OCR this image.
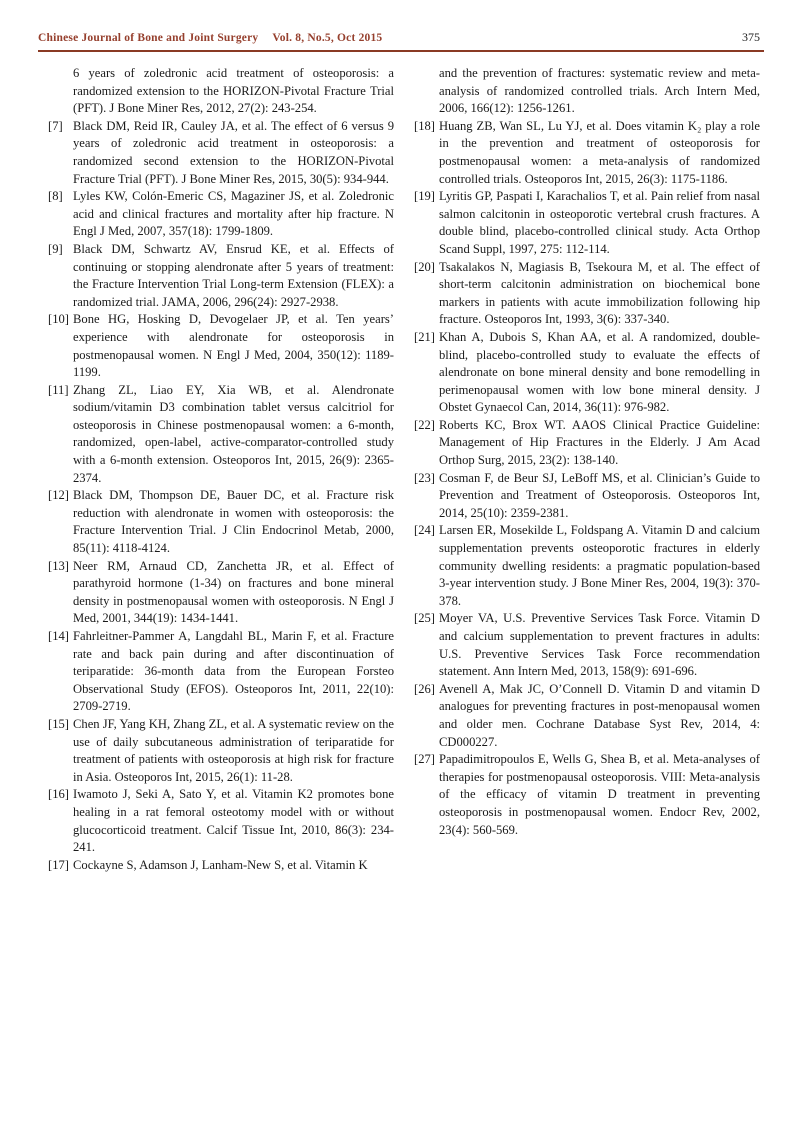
Chinese Journal of Bone and Joint Surgery Vol. 8, No.5, Oct 2015	375
6 years of zoledronic acid treatment of osteoporosis: a randomized extension to the HORIZON-Pivotal Fracture Trial (PFT). J Bone Miner Res, 2012, 27(2): 243-254.
[7] Black DM, Reid IR, Cauley JA, et al. The effect of 6 versus 9 years of zoledronic acid treatment in osteoporosis: a randomized second extension to the HORIZON-Pivotal Fracture Trial (PFT). J Bone Miner Res, 2015, 30(5): 934-944.
[8] Lyles KW, Colón-Emeric CS, Magaziner JS, et al. Zoledronic acid and clinical fractures and mortality after hip fracture. N Engl J Med, 2007, 357(18): 1799-1809.
[9] Black DM, Schwartz AV, Ensrud KE, et al. Effects of continuing or stopping alendronate after 5 years of treatment: the Fracture Intervention Trial Long-term Extension (FLEX): a randomized trial. JAMA, 2006, 296(24): 2927-2938.
[10] Bone HG, Hosking D, Devogelaer JP, et al. Ten years’ experience with alendronate for osteoporosis in postmenopausal women. N Engl J Med, 2004, 350(12): 1189-1199.
[11] Zhang ZL, Liao EY, Xia WB, et al. Alendronate sodium/vitamin D3 combination tablet versus calcitriol for osteoporosis in Chinese postmenopausal women: a 6-month, randomized, open-label, active-comparator-controlled study with a 6-month extension. Osteoporos Int, 2015, 26(9): 2365-2374.
[12] Black DM, Thompson DE, Bauer DC, et al. Fracture risk reduction with alendronate in women with osteoporosis: the Fracture Intervention Trial. J Clin Endocrinol Metab, 2000, 85(11): 4118-4124.
[13] Neer RM, Arnaud CD, Zanchetta JR, et al. Effect of parathyroid hormone (1-34) on fractures and bone mineral density in postmenopausal women with osteoporosis. N Engl J Med, 2001, 344(19): 1434-1441.
[14] Fahrleitner-Pammer A, Langdahl BL, Marin F, et al. Fracture rate and back pain during and after discontinuation of teriparatide: 36-month data from the European Forsteo Observational Study (EFOS). Osteoporos Int, 2011, 22(10): 2709-2719.
[15] Chen JF, Yang KH, Zhang ZL, et al. A systematic review on the use of daily subcutaneous administration of teriparatide for treatment of patients with osteoporosis at high risk for fracture in Asia. Osteoporos Int, 2015, 26(1): 11-28.
[16] Iwamoto J, Seki A, Sato Y, et al. Vitamin K2 promotes bone healing in a rat femoral osteotomy model with or without glucocorticoid treatment. Calcif Tissue Int, 2010, 86(3): 234-241.
[17] Cockayne S, Adamson J, Lanham-New S, et al. Vitamin K
and the prevention of fractures: systematic review and meta-analysis of randomized controlled trials. Arch Intern Med, 2006, 166(12): 1256-1261.
[18] Huang ZB, Wan SL, Lu YJ, et al. Does vitamin K₂ play a role in the prevention and treatment of osteoporosis for postmenopausal women: a meta-analysis of randomized controlled trials. Osteoporos Int, 2015, 26(3): 1175-1186.
[19] Lyritis GP, Paspati I, Karachalios T, et al. Pain relief from nasal salmon calcitonin in osteoporotic vertebral crush fractures. A double blind, placebo-controlled clinical study. Acta Orthop Scand Suppl, 1997, 275: 112-114.
[20] Tsakalakos N, Magiasis B, Tsekoura M, et al. The effect of short-term calcitonin administration on biochemical bone markers in patients with acute immobilization following hip fracture. Osteoporos Int, 1993, 3(6): 337-340.
[21] Khan A, Dubois S, Khan AA, et al. A randomized, double-blind, placebo-controlled study to evaluate the effects of alendronate on bone mineral density and bone remodelling in perimenopausal women with low bone mineral density. J Obstet Gynaecol Can, 2014, 36(11): 976-982.
[22] Roberts KC, Brox WT. AAOS Clinical Practice Guideline: Management of Hip Fractures in the Elderly. J Am Acad Orthop Surg, 2015, 23(2): 138-140.
[23] Cosman F, de Beur SJ, LeBoff MS, et al. Clinician’s Guide to Prevention and Treatment of Osteoporosis. Osteoporos Int, 2014, 25(10): 2359-2381.
[24] Larsen ER, Mosekilde L, Foldspang A. Vitamin D and calcium supplementation prevents osteoporotic fractures in elderly community dwelling residents: a pragmatic population-based 3-year intervention study. J Bone Miner Res, 2004, 19(3): 370-378.
[25] Moyer VA, U.S. Preventive Services Task Force. Vitamin D and calcium supplementation to prevent fractures in adults: U.S. Preventive Services Task Force recommendation statement. Ann Intern Med, 2013, 158(9): 691-696.
[26] Avenell A, Mak JC, O’Connell D. Vitamin D and vitamin D analogues for preventing fractures in post-menopausal women and older men. Cochrane Database Syst Rev, 2014, 4: CD000227.
[27] Papadimitropoulos E, Wells G, Shea B, et al. Meta-analyses of therapies for postmenopausal osteoporosis. VIII: Meta-analysis of the efficacy of vitamin D treatment in preventing osteoporosis in postmenopausal women. Endocr Rev, 2002, 23(4): 560-569.
